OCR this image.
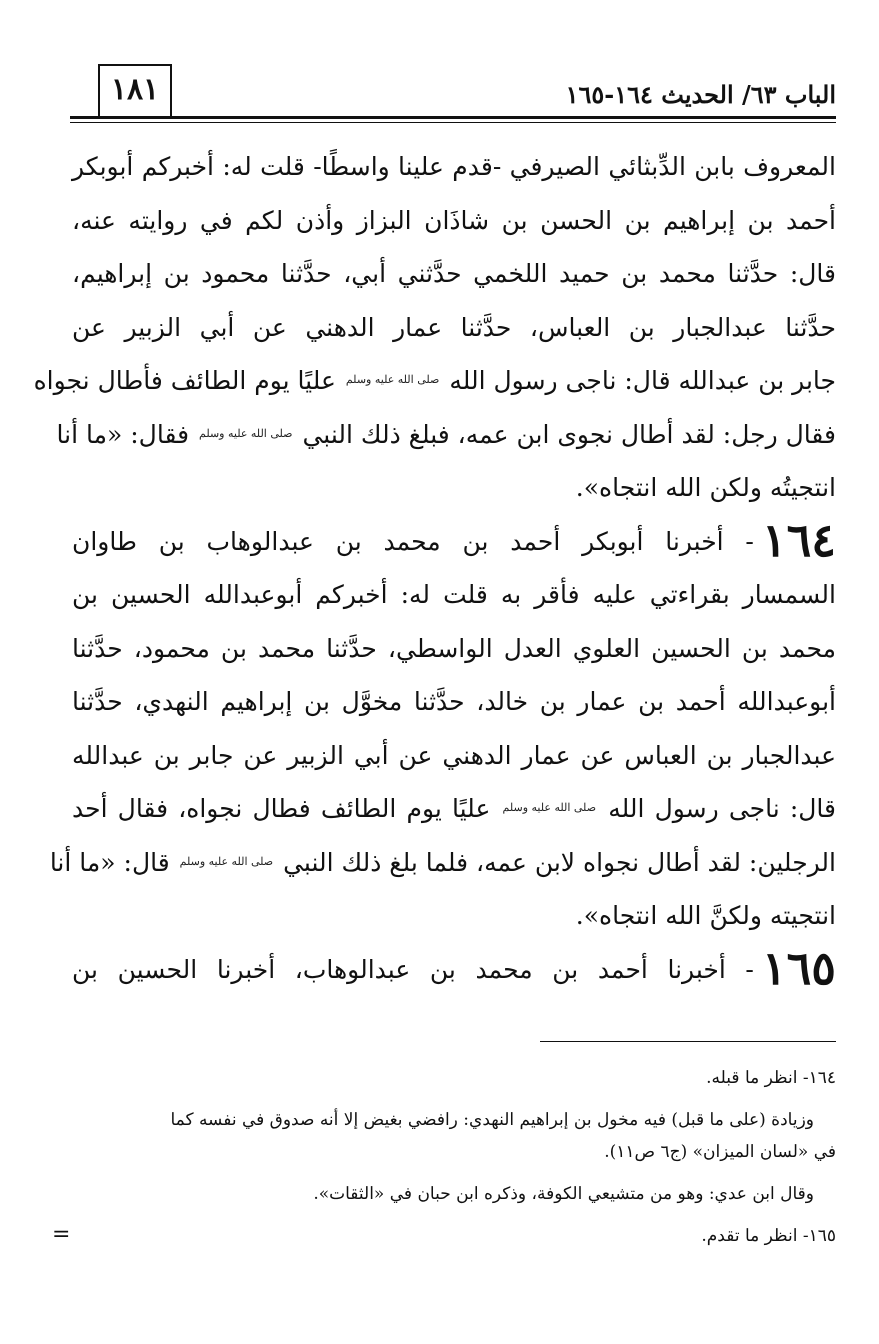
الباب ٦٣/ الحديث ١٦٤-١٦٥
١٨١

المعروف بابن الدِّبثائي الصيرفي -قدم علينا واسطًا- قلت له: أخبركم أبوبكر
أحمد بن إبراهيم بن الحسن بن شاذَان البزاز وأذن لكم في روايته عنه،
قال: حدَّثنا محمد بن حميد اللخمي حدَّثني أبي، حدَّثنا محمود بن إبراهيم،
حدَّثنا عبدالجبار بن العباس، حدَّثنا عمار الدهني عن أبي الزبير عن
جابر بن عبدالله قال: ناجى رسول الله صلى الله عليه وسلم عليًا يوم الطائف فأطال نجواه
فقال رجل: لقد أطال نجوى ابن عمه، فبلغ ذلك النبي صلى الله عليه وسلم فقال: «ما أنا
انتجيتُه ولكن الله انتجاه».

١٦٤- أخبرنا أبوبكر أحمد بن محمد بن عبدالوهاب بن طاوان
السمسار بقراءتي عليه فأقر به قلت له: أخبركم أبوعبدالله الحسين بن
محمد بن الحسين العلوي العدل الواسطي، حدَّثنا محمد بن محمود، حدَّثنا
أبوعبدالله أحمد بن عمار بن خالد، حدَّثنا مخوَّل بن إبراهيم النهدي، حدَّثنا
عبدالجبار بن العباس عن عمار الدهني عن أبي الزبير عن جابر بن عبدالله
قال: ناجى رسول الله صلى الله عليه وسلم عليًا يوم الطائف فطال نجواه، فقال أحد
الرجلين: لقد أطال نجواه لابن عمه، فلما بلغ ذلك النبي صلى الله عليه وسلم قال: «ما أنا
انتجيته ولكنَّ الله انتجاه».

١٦٥- أخبرنا أحمد بن محمد بن عبدالوهاب، أخبرنا الحسين بن

١٦٤- انظر ما قبله.

وزيادة (على ما قبل) فيه مخول بن إبراهيم النهدي: رافضي بغيض إلا أنه صدوق في نفسه كما

في «لسان الميزان» (ج٦ ص١١).

وقال ابن عدي: وهو من متشيعي الكوفة، وذكره ابن حبان في «الثقات».

١٦٥- انظر ما تقدم.

=
